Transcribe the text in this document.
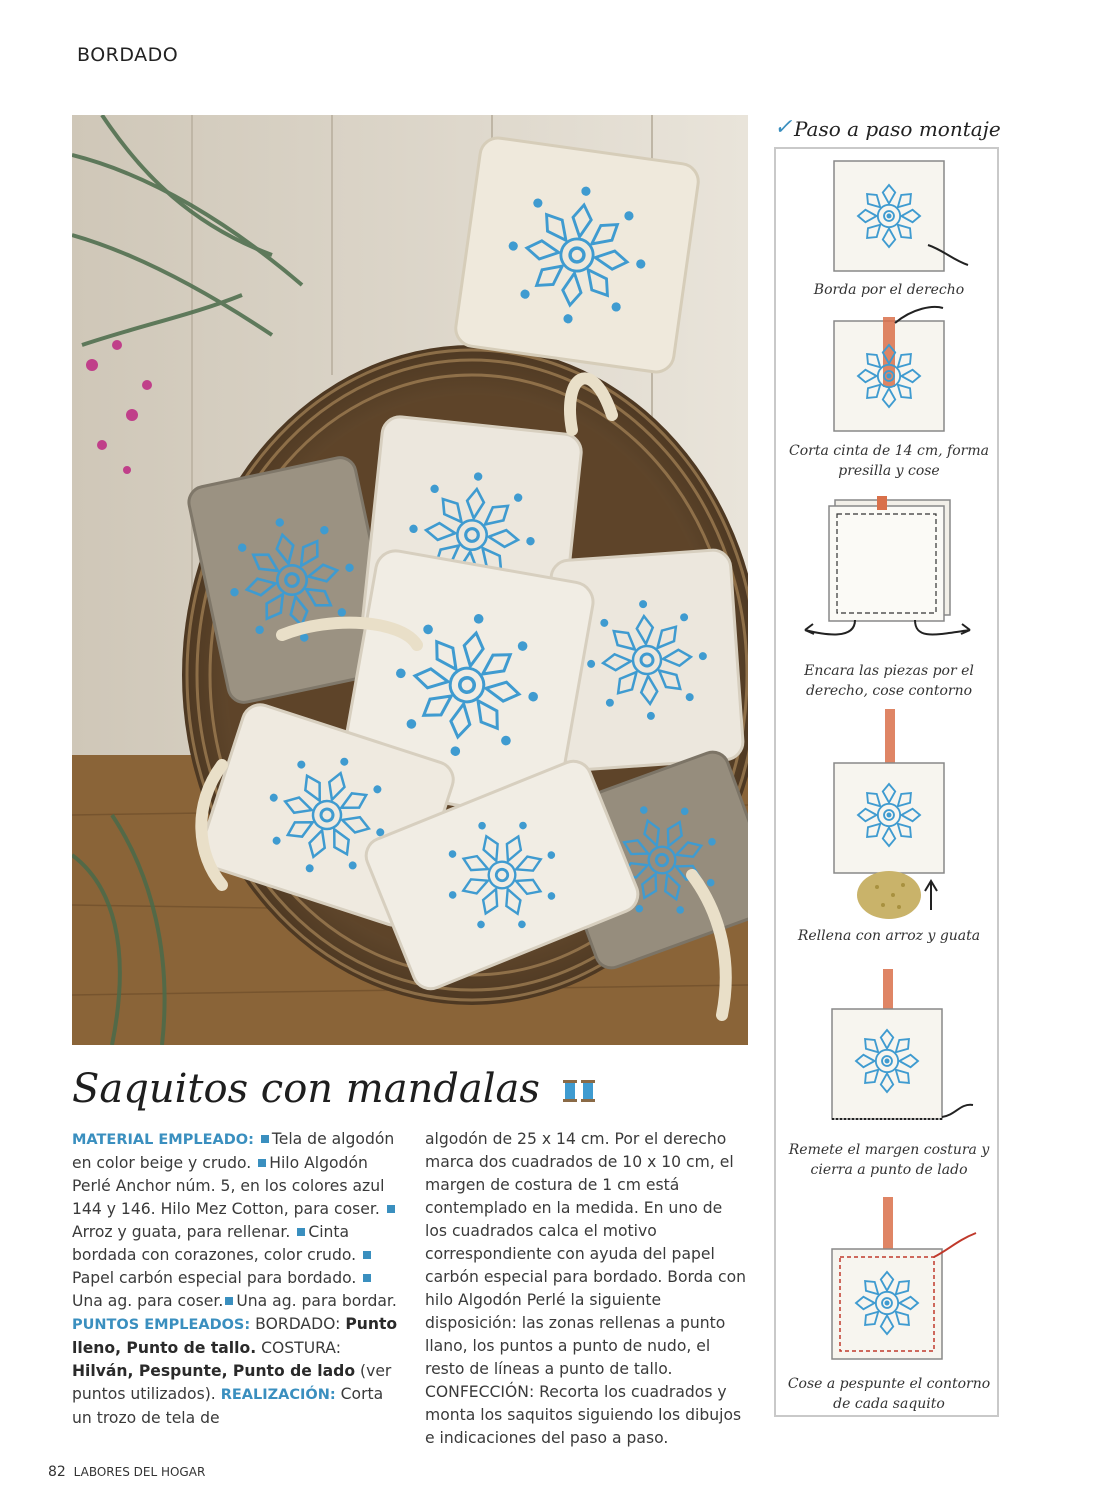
BORDADO
✓ Paso a paso montaje
Borda por el derecho
Corta cinta de 14 cm, forma presilla y cose
Encara las piezas por el derecho, cose contorno
Rellena con arroz y guata
Remete el margen costura y cierra a punto de lado
Cose a pespunte el contorno de cada saquito
Saquitos con mandalas
MATERIAL EMPLEADO: Tela de algodón en color beige y crudo. Hilo Algodón Perlé Anchor núm. 5, en los colores azul 144 y 146. Hilo Mez Cotton, para coser. Arroz y guata, para rellenar. Cinta bordada con corazones, color crudo. Papel carbón especial para bordado. Una ag. para coser. Una ag. para bordar. PUNTOS EMPLEADOS: BORDADO: Punto lleno, Punto de tallo. COSTURA: Hilván, Pespunte, Punto de lado (ver puntos utilizados). REALIZACIÓN: Corta un trozo de tela de
algodón de 25 x 14 cm. Por el derecho marca dos cuadrados de 10 x 10 cm, el margen de costura de 1 cm está contemplado en la medida. En uno de los cuadrados calca el motivo correspondiente con ayuda del papel carbón especial para bordado. Borda con hilo Algodón Perlé la siguiente disposición: las zonas rellenas a punto llano, los puntos a punto de nudo, el resto de líneas a punto de tallo. CONFECCIÓN: Recorta los cuadrados y monta los saquitos siguiendo los dibujos e indicaciones del paso a paso.
82 LABORES DEL HOGAR
